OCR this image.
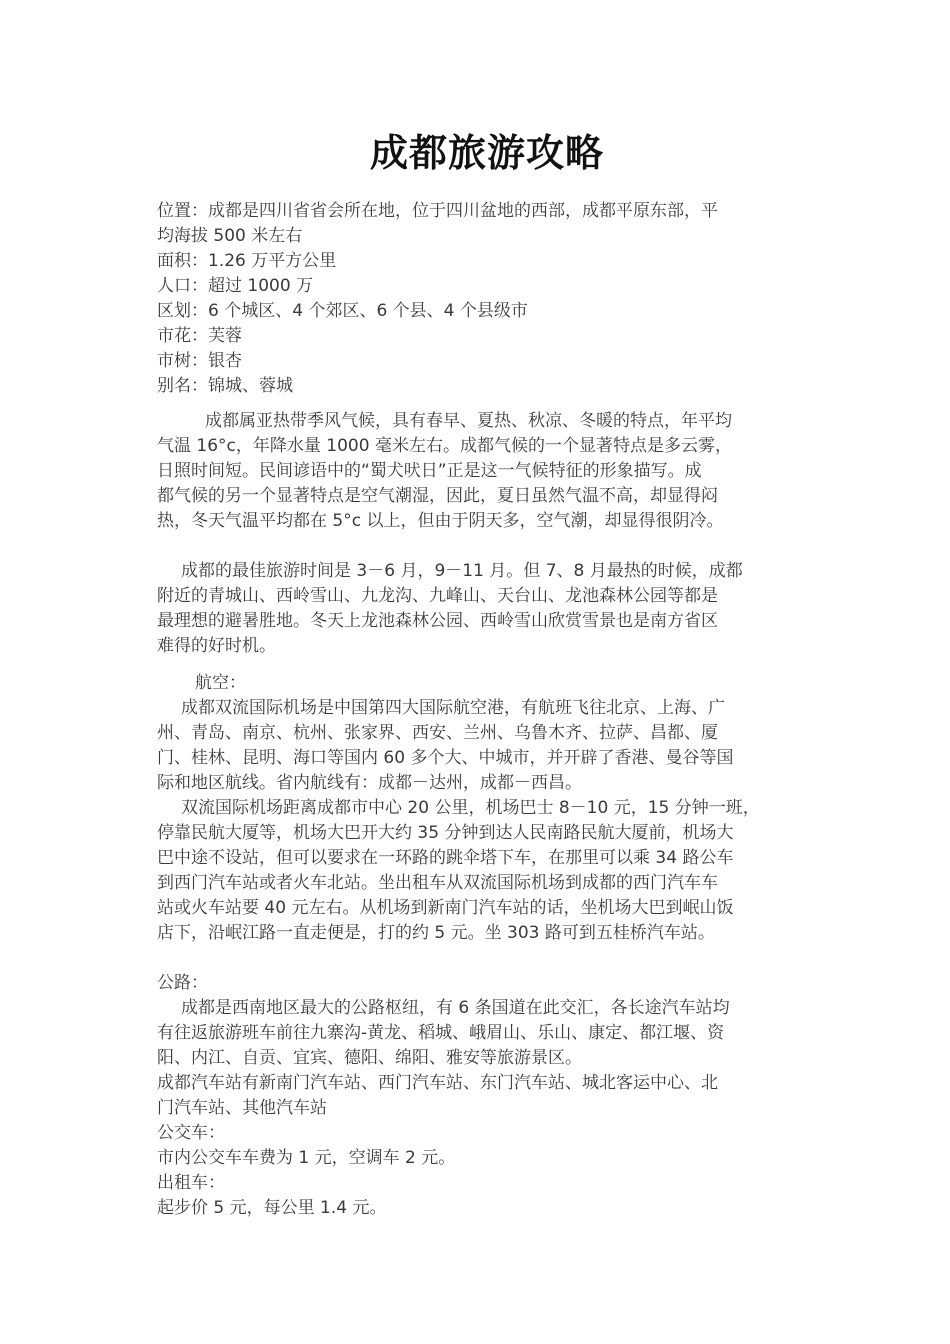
成都旅游攻略
位置：成都是四川省省会所在地，位于四川盆地的西部，成都平原东部，平
均海拔 500 米左右
面积：1.26 万平方公里
人口：超过 1000 万
区划：6 个城区、4 个郊区、6 个县、4 个县级市
市花：芙蓉
市树：银杏
别名：锦城、蓉城
成都属亚热带季风气候，具有春早、夏热、秋凉、冬暖的特点，年平均
气温 16°c，年降水量 1000 毫米左右。成都气候的一个显著特点是多云雾，
日照时间短。民间谚语中的“蜀犬吠日”正是这一气候特征的形象描写。成
都气候的另一个显著特点是空气潮湿，因此，夏日虽然气温不高，却显得闷
热，冬天气温平均都在 5°c 以上，但由于阴天多，空气潮，却显得很阴冷。
成都的最佳旅游时间是 3－6 月，9－11 月。但 7、8 月最热的时候，成都
附近的青城山、西岭雪山、九龙沟、九峰山、天台山、龙池森林公园等都是
最理想的避暑胜地。冬天上龙池森林公园、西岭雪山欣赏雪景也是南方省区
难得的好时机。
航空：
成都双流国际机场是中国第四大国际航空港，有航班飞往北京、上海、广
州、青岛、南京、杭州、张家界、西安、兰州、乌鲁木齐、拉萨、昌都、厦
门、桂林、昆明、海口等国内 60 多个大、中城市，并开辟了香港、曼谷等国
际和地区航线。省内航线有：成都－达州，成都－西昌。
双流国际机场距离成都市中心 20 公里，机场巴士 8－10 元，15 分钟一班，
停靠民航大厦等，机场大巴开大约 35 分钟到达人民南路民航大厦前，机场大
巴中途不设站，但可以要求在一环路的跳伞塔下车，在那里可以乘 34 路公车
到西门汽车站或者火车北站。坐出租车从双流国际机场到成都的西门汽车车
站或火车站要 40 元左右。从机场到新南门汽车站的话，坐机场大巴到岷山饭
店下，沿岷江路一直走便是，打的约 5 元。坐 303 路可到五桂桥汽车站。
公路：
成都是西南地区最大的公路枢纽，有 6 条国道在此交汇，各长途汽车站均
有往返旅游班车前往九寨沟-黄龙、稻城、峨眉山、乐山、康定、都江堰、资
阳、内江、自贡、宜宾、德阳、绵阳、雅安等旅游景区。
成都汽车站有新南门汽车站、西门汽车站、东门汽车站、城北客运中心、北
门汽车站、其他汽车站
公交车：
市内公交车车费为 1 元，空调车 2 元。
出租车：
起步价 5 元，每公里 1.4 元。
